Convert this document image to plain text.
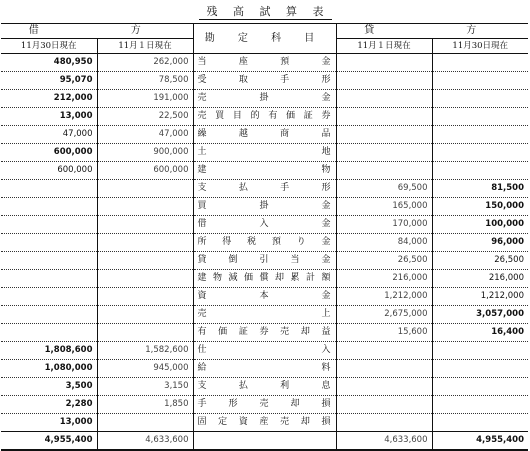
残 高 試 算 表
借　　方		勘 定 科 目	貸　　方	
11月30日現在	11月１日現在		11月１日現在	11月30日現在
480,950	262,000	当座預金		
95,070	78,500	受取手形		
212,000	191,000	売掛金		
13,000	22,500	売買目的有価証券		
47,000	47,000	繰越商品		
600,000	900,000	土地		
600,000	600,000	建物		
		支払手形	69,500	81,500
		買掛金	165,000	150,000
		借入金	170,000	100,000
		所得税預り金	84,000	96,000
		貸倒引当金	26,500	26,500
		建物減価償却累計額	216,000	216,000
		資本金	1,212,000	1,212,000
		売上	2,675,000	3,057,000
		有価証券売却益	15,600	16,400
1,808,600	1,582,600	仕入		
1,080,000	945,000	給料		
3,500	3,150	支払利息		
2,280	1,850	手形売却損		
13,000		固定資産売却損		
4,955,400	4,633,600		4,633,600	4,955,400
